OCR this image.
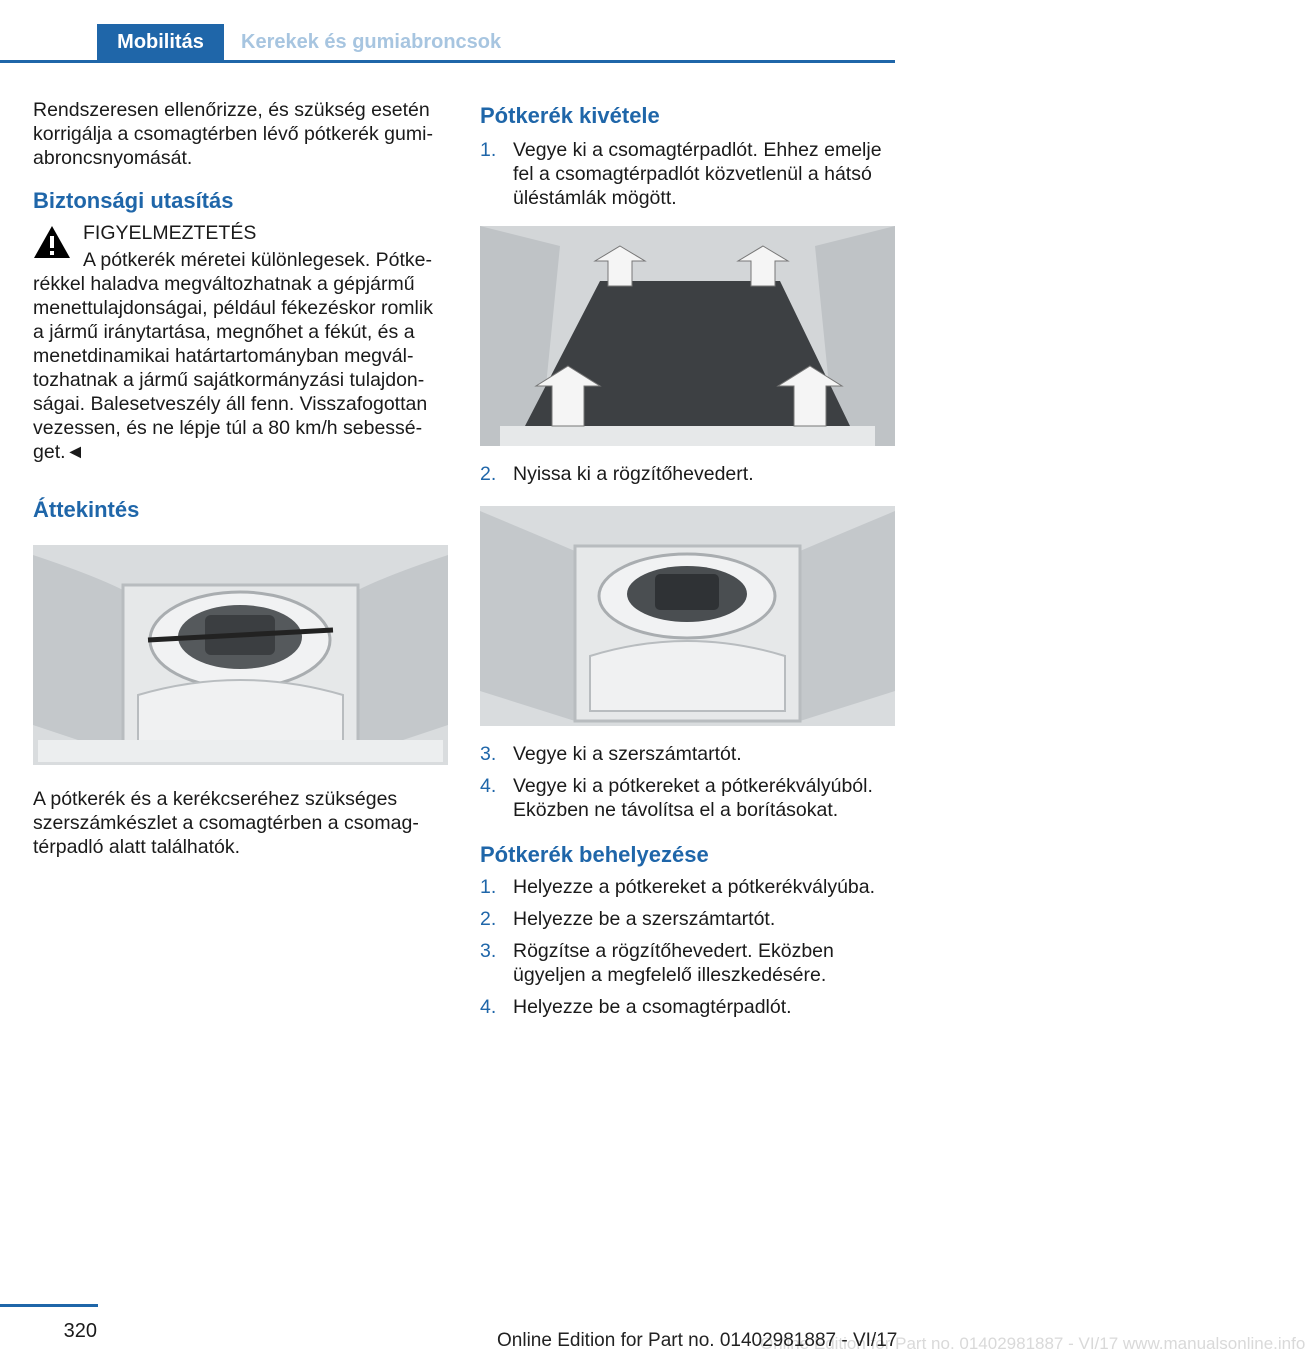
Mobilitás	Kerekek és gumiabroncsok

Rendszeresen ellenőrizze, és szükség esetén korrigálja a csomagtérben lévő pótkerék gumiabroncsnyomását.

Biztonsági utasítás

FIGYELMEZTETÉS

A pótkerék méretei különlegesek. Pótkerékkel haladva megváltozhatnak a gépjármű menettulajdonságai, például fékezéskor romlik a jármű iránytartása, megnőhet a fékút, és a menetdinamikai határtartományban megváltozhatnak a jármű sajátkormányzási tulajdonságai. Balesetveszély áll fenn. Visszafogottan vezessen, és ne lépje túl a 80 km/h sebességet.◄

Áttekintés

A pótkerék és a kerékcseréhez szükséges szerszámkészlet a csomagtérben a csomagtérpadló alatt találhatók.

Pótkerék kivétele
1. Vegye ki a csomagtérpadlót. Ehhez emelje fel a csomagtérpadlót közvetlenül a hátsó üléstámlák mögött.
2. Nyissa ki a rögzítőhevedert.
3. Vegye ki a szerszámtartót.
4. Vegye ki a pótkereket a pótkerékvályúból. Eközben ne távolítsa el a borításokat.
Pótkerék behelyezése
1. Helyezze a pótkereket a pótkerékvályúba.
2. Helyezze be a szerszámtartót.
3. Rögzítse a rögzítőhevedert. Eközben ügyeljen a megfelelő illeszkedésére.
4. Helyezze be a csomagtérpadlót.
320
Online Edition for Part no. 01402981887 - VI/17 www.manualsonline.info
Online Edition for Part no. 01402981887 - VI/17
